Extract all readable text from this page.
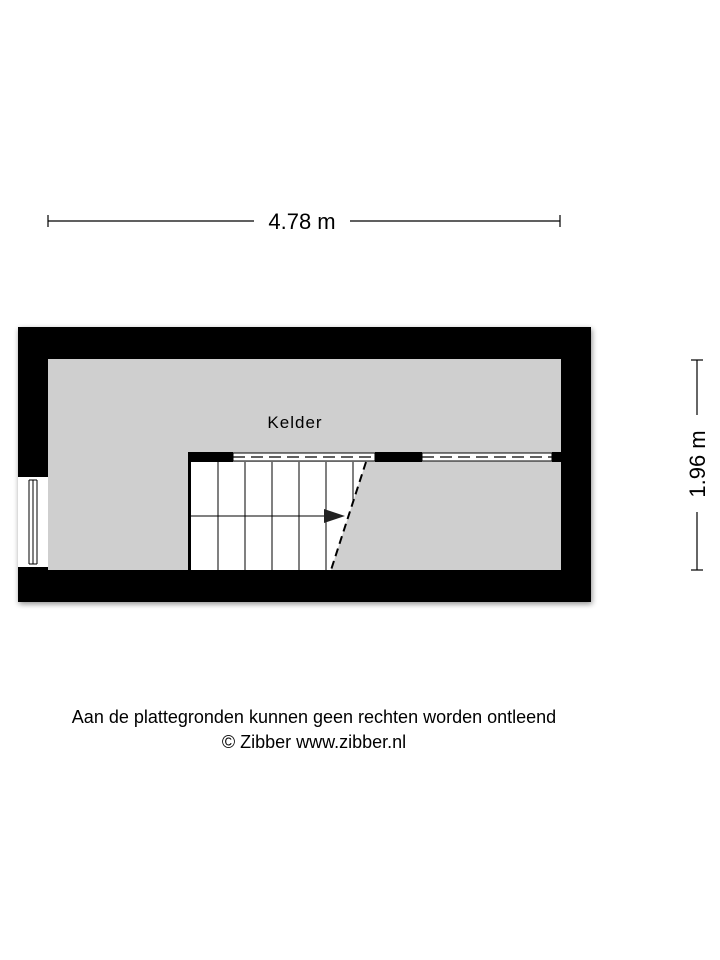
4.78 m
1.96 m
Kelder
Aan de plattegronden kunnen geen rechten worden ontleend
© Zibber www.zibber.nl
